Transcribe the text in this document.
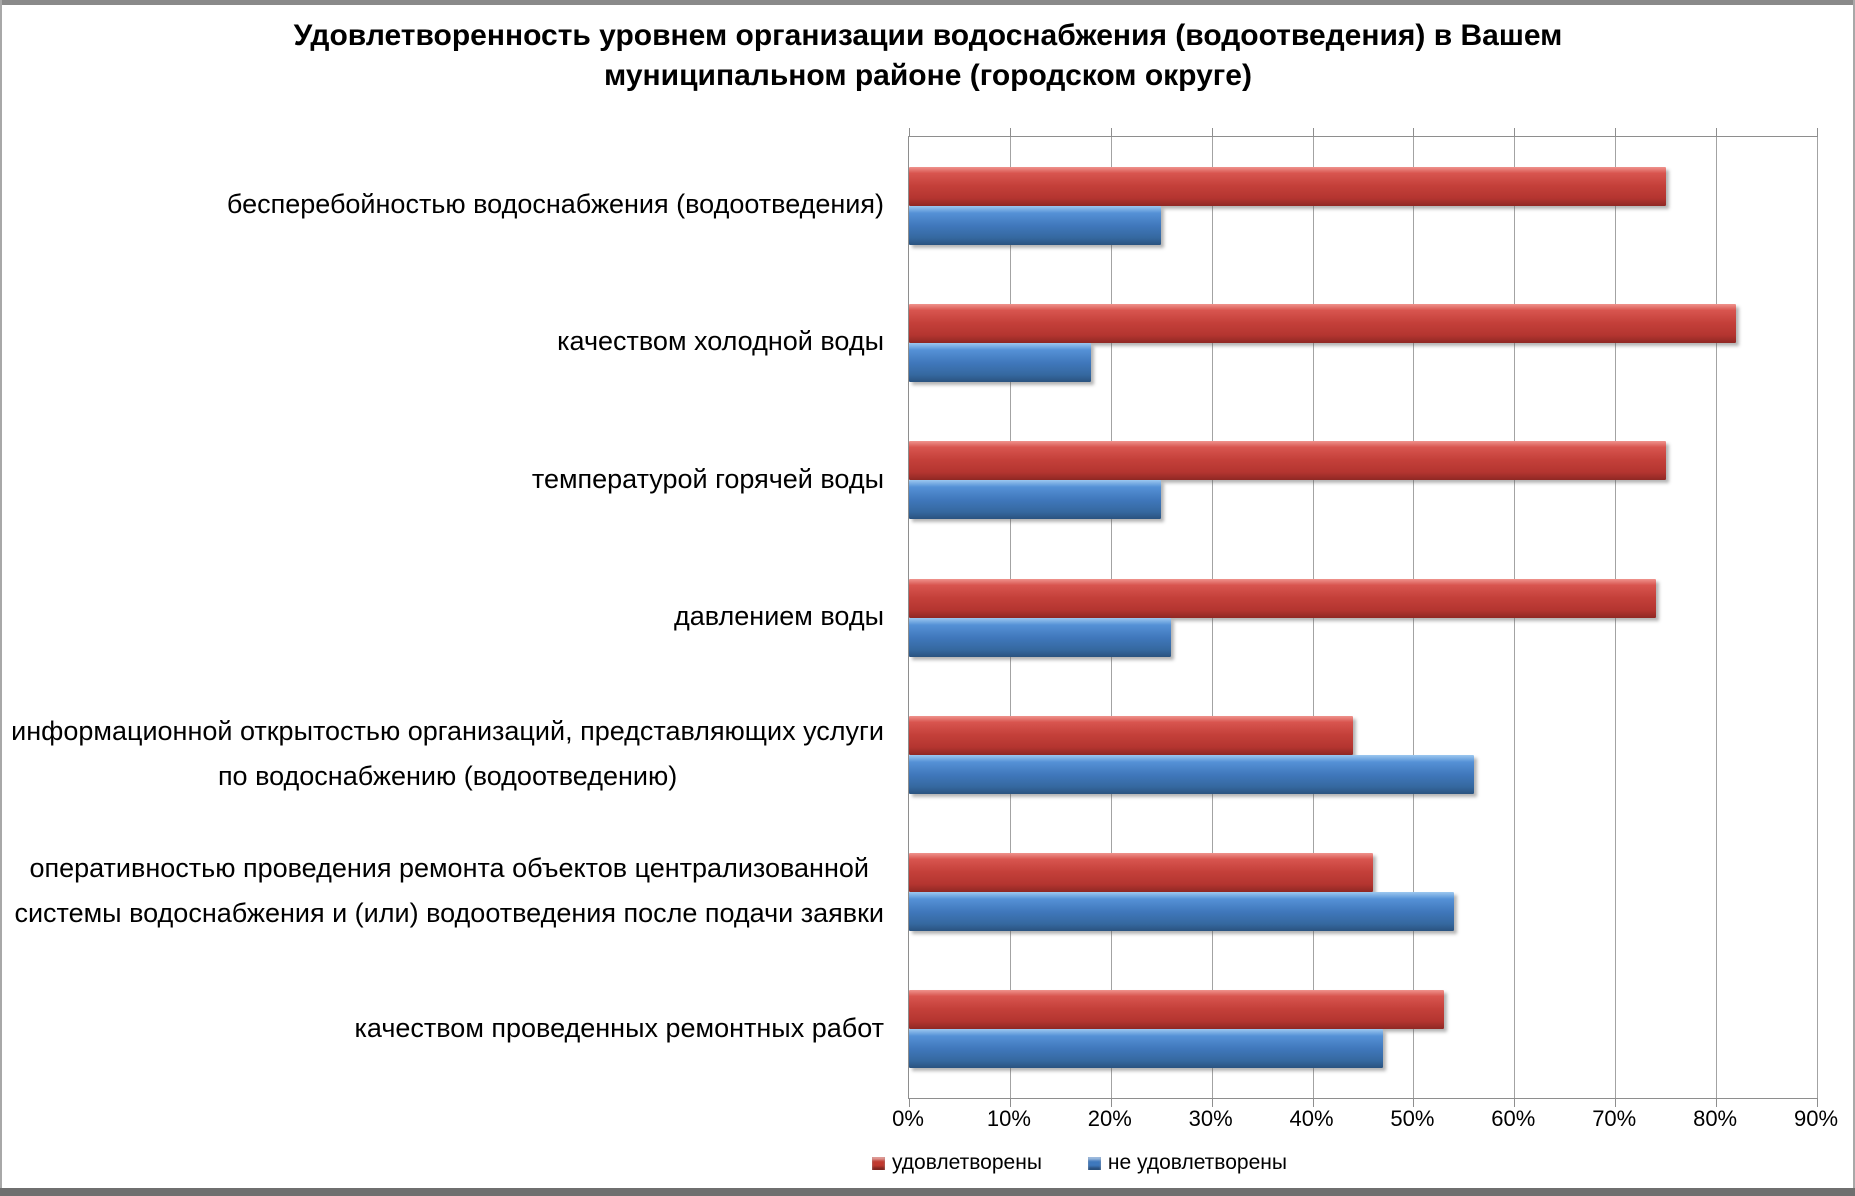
Удовлетворенность уровнем организации водоснабжения (водоотведения) в Вашем
муниципальном районе (городском округе)
бесперебойностью водоснабжения (водоотведения)
качеством холодной воды
температурой горячей воды
давлением воды
информационной открытостью организаций, представляющих услуги
по водоснабжению (водоотведению)
оперативностью проведения ремонта объектов централизованной
системы водоснабжения и (или) водоотведения после подачи заявки
качеством проведенных ремонтных работ
0%	10%	20%	30%	40%	50%	60%	70%	80%	90%
удовлетворены	не удовлетворены
